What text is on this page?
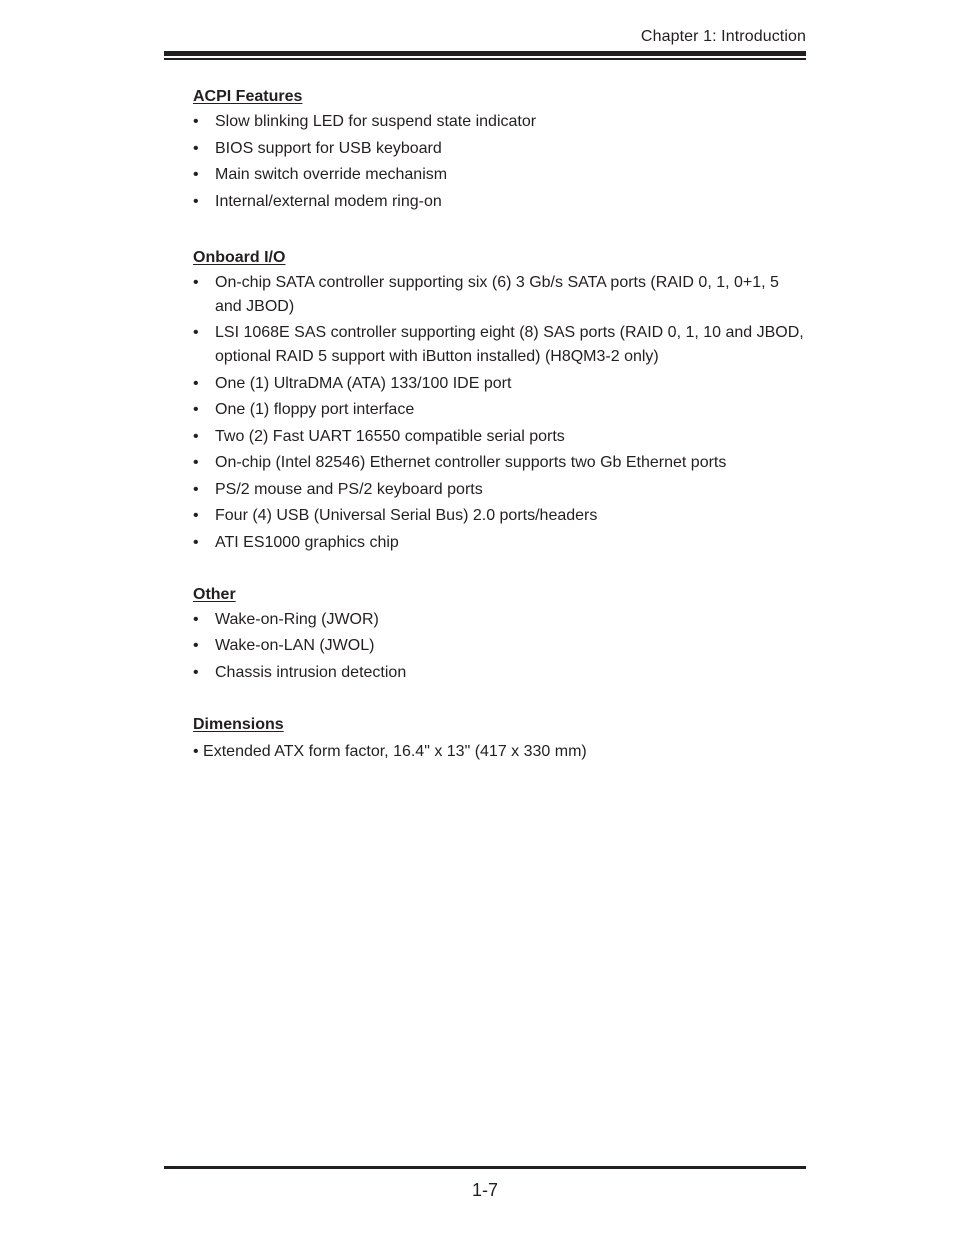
Chapter 1: Introduction
ACPI Features
• Slow blinking LED for suspend state indicator
• BIOS support for USB keyboard
• Main switch override mechanism
• Internal/external modem ring-on
Onboard I/O
• On-chip SATA controller supporting six (6) 3 Gb/s SATA ports (RAID 0, 1, 0+1, 5 and JBOD)
• LSI 1068E SAS controller supporting eight (8) SAS ports (RAID 0, 1, 10 and JBOD, optional RAID 5 support with iButton installed) (H8QM3-2 only)
• One (1) UltraDMA (ATA) 133/100 IDE port
• One (1) floppy port interface
• Two (2) Fast UART 16550 compatible serial ports
• On-chip (Intel 82546) Ethernet controller supports two Gb Ethernet ports
• PS/2 mouse and PS/2 keyboard ports
• Four (4) USB (Universal Serial Bus) 2.0 ports/headers
• ATI ES1000 graphics chip
Other
• Wake-on-Ring (JWOR)
• Wake-on-LAN (JWOL)
• Chassis intrusion detection
Dimensions
• Extended ATX form factor, 16.4" x 13" (417 x 330 mm)
1-7
